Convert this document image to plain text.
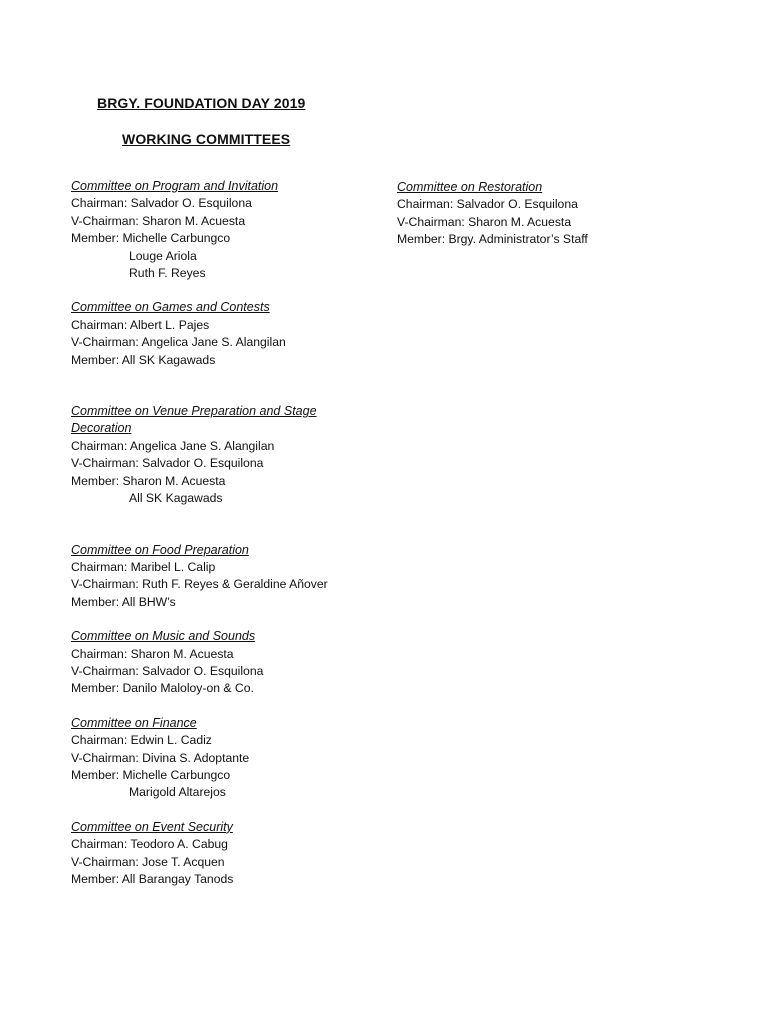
BRGY. FOUNDATION DAY 2019
WORKING COMMITTEES
Committee on Program and Invitation
Chairman: Salvador O. Esquilona
V-Chairman: Sharon M. Acuesta
Member: Michelle Carbungco
Louge Ariola
Ruth F. Reyes
Committee on Games and Contests
Chairman: Albert L. Pajes
V-Chairman: Angelica Jane S. Alangilan
Member: All SK Kagawads
Committee on Venue Preparation and Stage Decoration
Chairman: Angelica Jane S. Alangilan
V-Chairman: Salvador O. Esquilona
Member: Sharon M. Acuesta
All SK Kagawads
Committee on Food Preparation
Chairman: Maribel L. Calip
V-Chairman: Ruth F. Reyes & Geraldine Añover
Member: All BHW’s
Committee on Music and Sounds
Chairman: Sharon M. Acuesta
V-Chairman: Salvador O. Esquilona
Member: Danilo Maloloy-on & Co.
Committee on Finance
Chairman: Edwin L. Cadiz
V-Chairman: Divina S. Adoptante
Member: Michelle Carbungco
Marigold Altarejos
Committee on Event Security
Chairman: Teodoro A. Cabug
V-Chairman: Jose T. Acquen
Member: All Barangay Tanods
Committee on Restoration
Chairman: Salvador O. Esquilona
V-Chairman: Sharon M. Acuesta
Member: Brgy. Administrator’s Staff
